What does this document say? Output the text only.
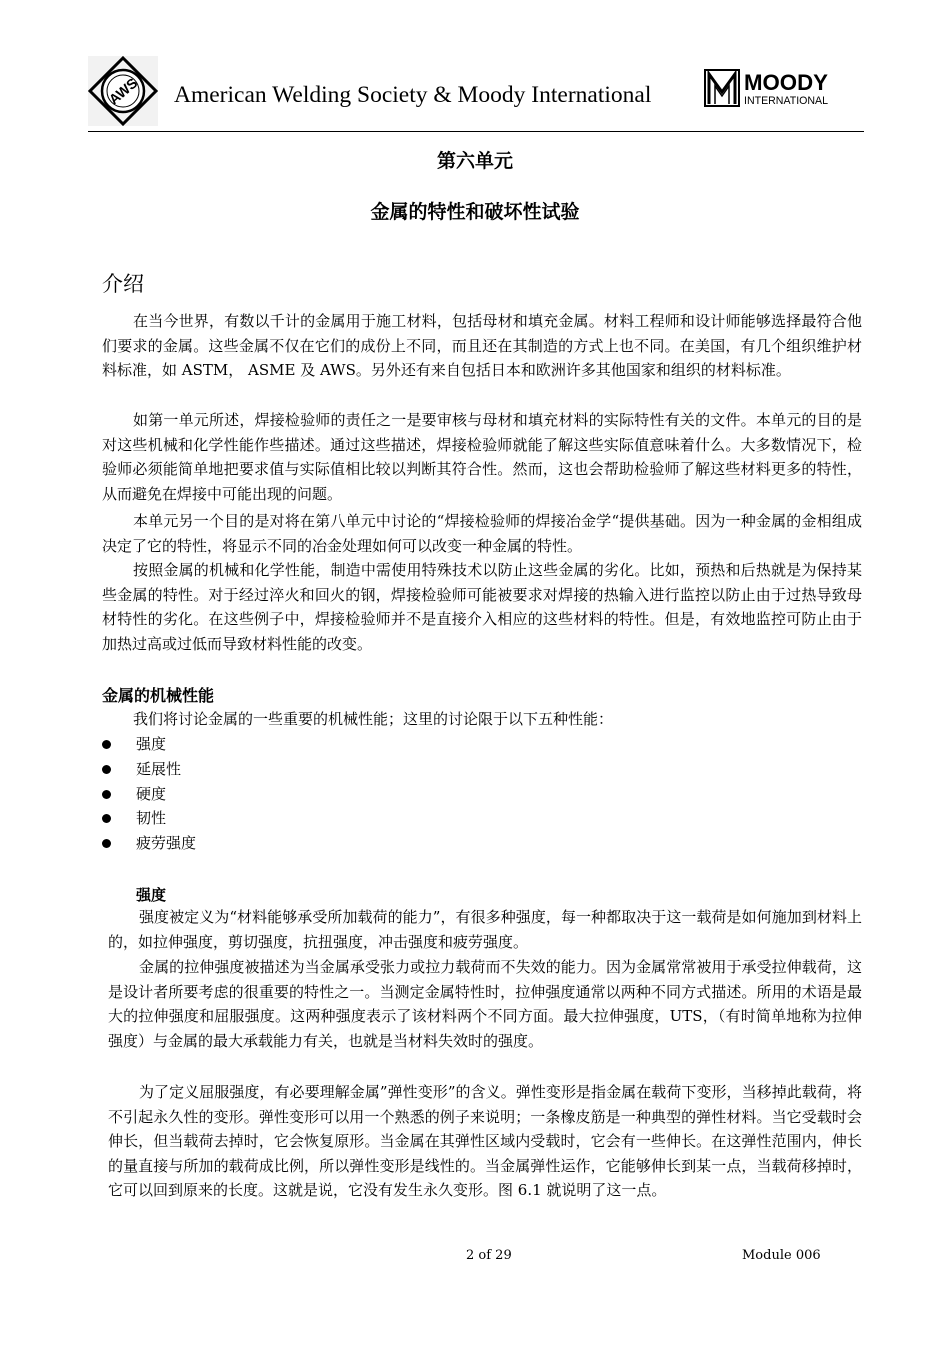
AWS American Welding Society & Moody International	MOODY
INTERNATIONAL
第六单元
金属的特性和破坏性试验
介绍

在当今世界，有数以千计的金属用于施工材料，包括母材和填充金属。材料工程师和设计师能够选择最符合他们要求的金属。这些金属不仅在它们的成份上不同，而且还在其制造的方式上也不同。在美国，有几个组织维护材料标准，如 ASTM， ASME 及 AWS。另外还有来自包括日本和欧洲许多其他国家和组织的材料标准。

如第一单元所述，焊接检验师的责任之一是要审核与母材和填充材料的实际特性有关的文件。本单元的目的是对这些机械和化学性能作些描述。通过这些描述，焊接检验师就能了解这些实际值意味着什么。大多数情况下，检验师必须能简单地把要求值与实际值相比较以判断其符合性。然而，这也会帮助检验师了解这些材料更多的特性，从而避免在焊接中可能出现的问题。

本单元另一个目的是对将在第八单元中讨论的“焊接检验师的焊接冶金学“提供基础。因为一种金属的金相组成决定了它的特性，将显示不同的冶金处理如何可以改变一种金属的特性。

按照金属的机械和化学性能，制造中需使用特殊技术以防止这些金属的劣化。比如，预热和后热就是为保持某些金属的特性。对于经过淬火和回火的钢，焊接检验师可能被要求对焊接的热输入进行监控以防止由于过热导致母材特性的劣化。在这些例子中，焊接检验师并不是直接介入相应的这些材料的特性。但是，有效地监控可防止由于加热过高或过低而导致材料性能的改变。

金属的机械性能

我们将讨论金属的一些重要的机械性能；这里的讨论限于以下五种性能：

强度
延展性
硬度
韧性
疲劳强度
强度

强度被定义为“材料能够承受所加载荷的能力”，有很多种强度，每一种都取决于这一载荷是如何施加到材料上的，如拉伸强度，剪切强度，抗扭强度，冲击强度和疲劳强度。

金属的拉伸强度被描述为当金属承受张力或拉力载荷而不失效的能力。因为金属常常被用于承受拉伸载荷，这是设计者所要考虑的很重要的特性之一。当测定金属特性时，拉伸强度通常以两种不同方式描述。所用的术语是最大的拉伸强度和屈服强度。这两种强度表示了该材料两个不同方面。最大拉伸强度，UTS，（有时简单地称为拉伸强度）与金属的最大承载能力有关，也就是当材料失效时的强度。

为了定义屈服强度，有必要理解金属”弹性变形”的含义。弹性变形是指金属在载荷下变形，当移掉此载荷，将不引起永久性的变形。弹性变形可以用一个熟悉的例子来说明；一条橡皮筋是一种典型的弹性材料。当它受载时会伸长，但当载荷去掉时，它会恢复原形。当金属在其弹性区域内受载时，它会有一些伸长。在这弹性范围内，伸长的量直接与所加的载荷成比例，所以弹性变形是线性的。当金属弹性运作，它能够伸长到某一点，当载荷移掉时，它可以回到原来的长度。这就是说，它没有发生永久变形。图 6.1 就说明了这一点。

2 of 29	Module 006
